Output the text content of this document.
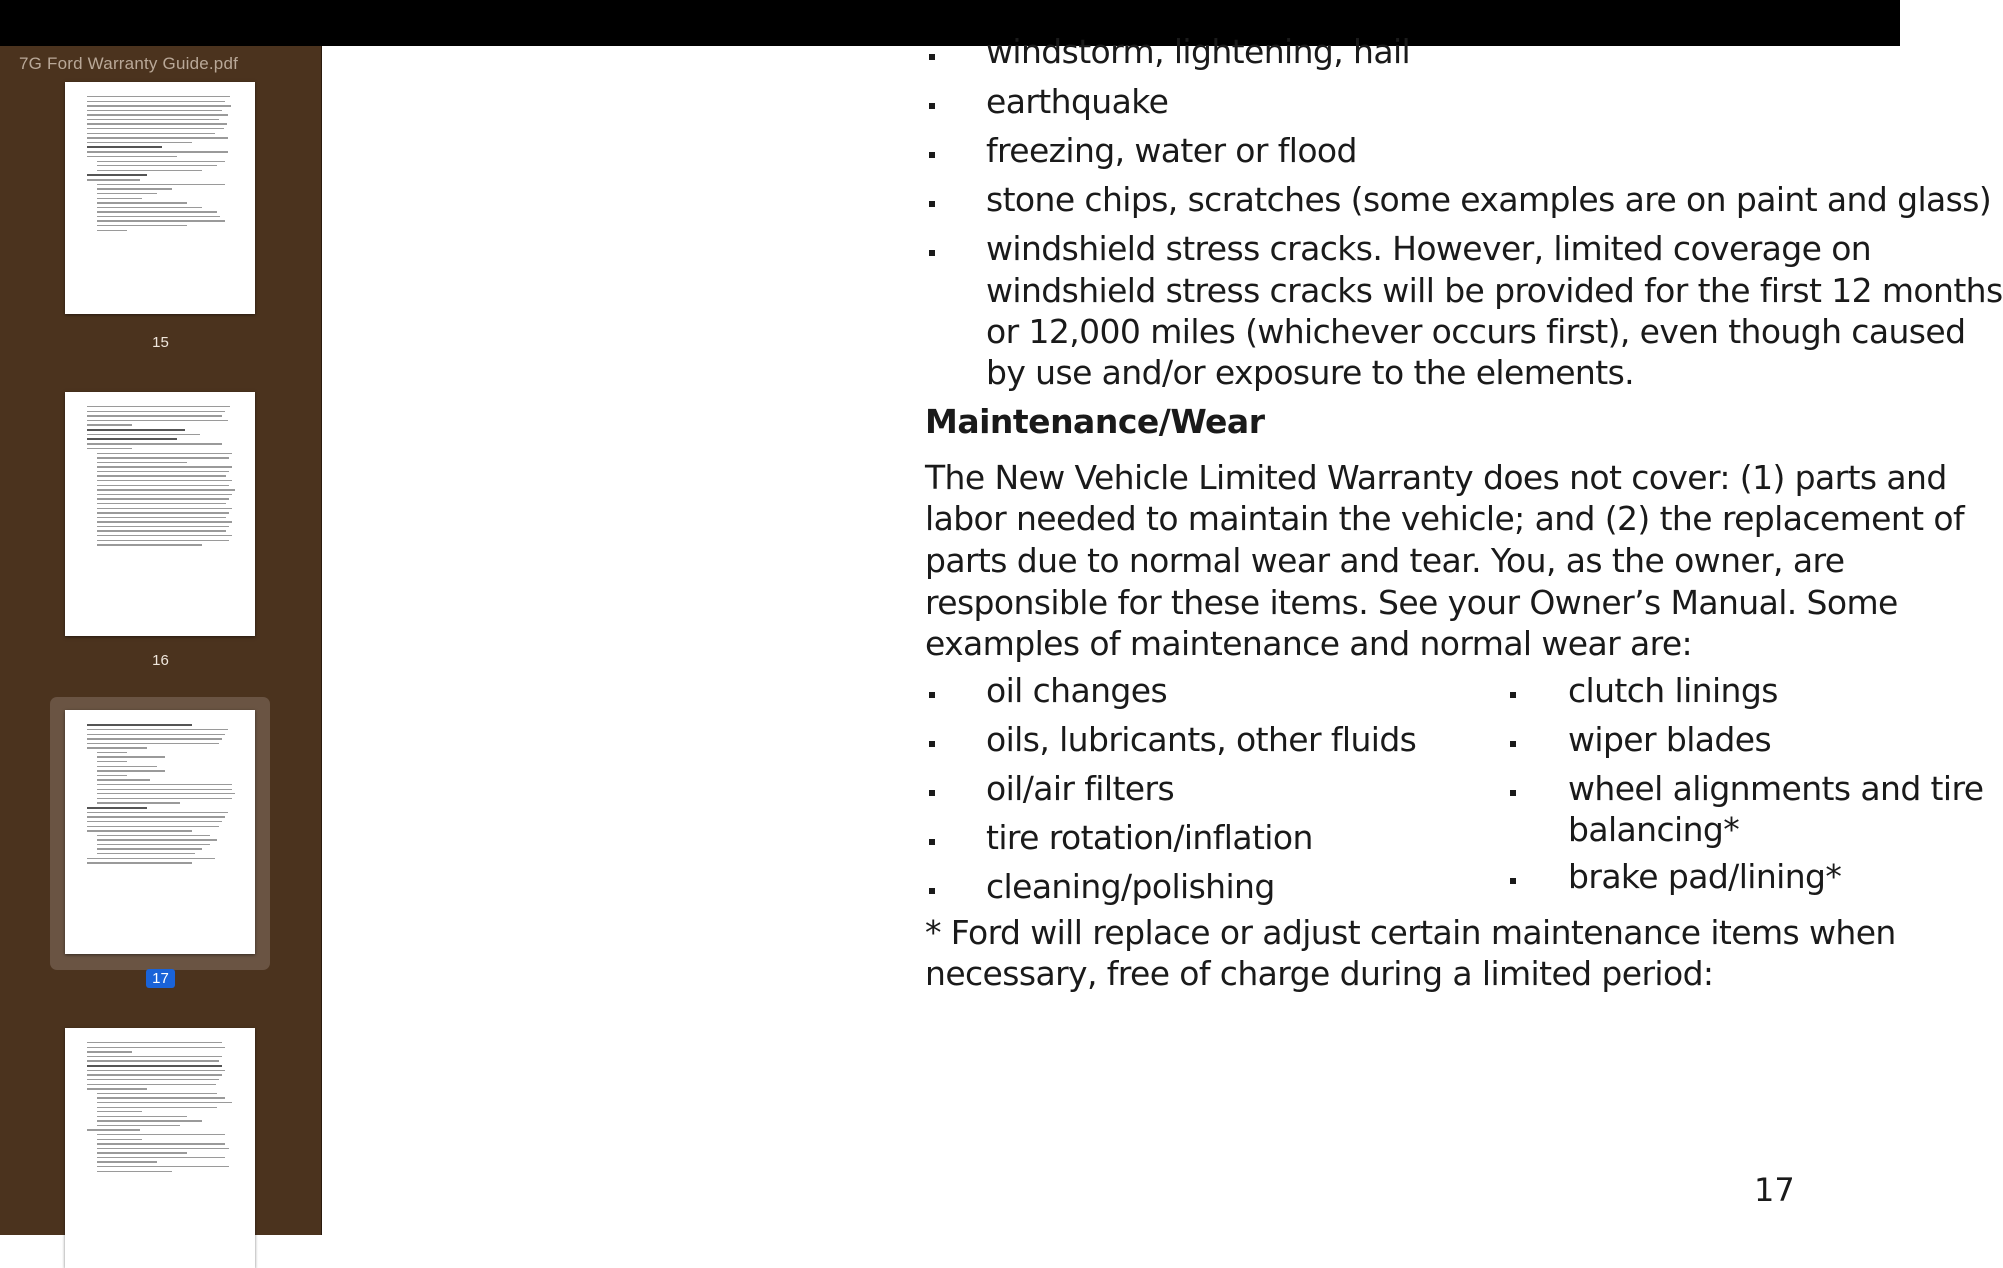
7G Ford Warranty Guide.pdf
15
16
17
windstorm, lightening, hail
earthquake
freezing, water or flood
stone chips, scratches (some examples are on paint and glass)
windshield stress cracks. However, limited coverage on
windshield stress cracks will be provided for the first 12 months
or 12,000 miles (whichever occurs first), even though caused
by use and/or exposure to the elements.
Maintenance/Wear
The New Vehicle Limited Warranty does not cover: (1) parts and
labor needed to maintain the vehicle; and (2) the replacement of
parts due to normal wear and tear. You, as the owner, are
responsible for these items. See your Owner’s Manual. Some
examples of maintenance and normal wear are:
oil changes
oils, lubricants, other fluids
oil/air filters
tire rotation/inflation
cleaning/polishing
clutch linings
wiper blades
wheel alignments and tire
balancing*
brake pad/lining*
* Ford will replace or adjust certain maintenance items when
necessary, free of charge during a limited period:
17
